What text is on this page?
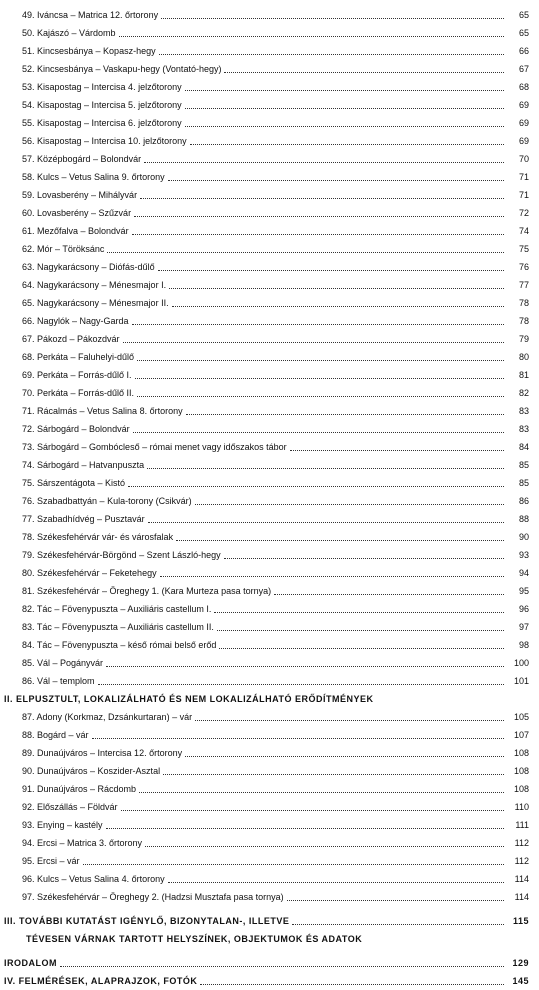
49. Iváncsa – Matrica 12. őrtorony	65
50. Kajászó – Várdomb	65
51. Kincsesbánya – Kopasz-hegy	66
52. Kincsesbánya – Vaskapu-hegy (Vontató-hegy)	67
53. Kisapostag – Intercisa 4. jelzőtorony	68
54. Kisapostag – Intercisa 5. jelzőtorony	69
55. Kisapostag – Intercisa 6. jelzőtorony	69
56. Kisapostag – Intercisa 10. jelzőtorony	69
57. Középbogárd – Bolondvár	70
58. Kulcs – Vetus Salina 9. őrtorony	71
59. Lovasberény – Mihályvár	71
60. Lovasberény – Szűzvár	72
61. Mezőfalva – Bolondvár	74
62. Mór – Töröksánc	75
63. Nagykarácsony – Diófás-dűlő	76
64. Nagykarácsony – Ménesmajor I.	77
65. Nagykarácsony – Ménesmajor II.	78
66. Nagylók – Nagy-Garda	78
67. Pákozd – Pákozdvár	79
68. Perkáta – Faluhelyi-dűlő	80
69. Perkáta – Forrás-dűlő I.	81
70. Perkáta – Forrás-dűlő II.	82
71. Rácalmás – Vetus Salina 8. őrtorony	83
72. Sárbogárd – Bolondvár	83
73. Sárbogárd – Gombócleső – római menet vagy időszakos tábor	84
74. Sárbogárd – Hatvanpuszta	85
75. Sárszentágota – Kistó	85
76. Szabadbattyán – Kula-torony (Csikvár)	86
77. Szabadhídvég – Pusztavár	88
78. Székesfehérvár vár- és városfalak	90
79. Székesfehérvár-Börgönd – Szent László-hegy	93
80. Székesfehérvár – Feketehegy	94
81. Székesfehérvár – Öreghegy 1. (Kara Murteza pasa tornya)	95
82. Tác – Fövenypuszta – Auxiliáris castellum I.	96
83. Tác – Fövenypuszta – Auxiliáris castellum II.	97
84. Tác – Fövenypuszta – késő római belső erőd	98
85. Vál – Pogányvár	100
86. Vál – templom	101
II. ELPUSZTULT, LOKALIZÁLHATÓ ÉS NEM LOKALIZÁLHATÓ ERŐDÍTMÉNYEK
87. Adony (Korkmaz, Dzsánkurtaran) – vár	105
88. Bogárd – vár	107
89. Dunaújváros – Intercisa 12. őrtorony	108
90. Dunaújváros – Koszider-Asztal	108
91. Dunaújváros – Rácdomb	108
92. Előszállás – Földvár	110
93. Enying – kastély	111
94. Ercsi – Matrica 3. őrtorony	112
95. Ercsi – vár	112
96. Kulcs – Vetus Salina 4. őrtorony	114
97. Székesfehérvár – Öreghegy 2. (Hadzsi Musztafa pasa tornya)	114
III. TOVÁBBI KUTATÁST IGÉNYLŐ, BIZONYTALAN-, ILLETVE	115
TÉVESEN VÁRNAK TARTOTT HELYSZÍNEK, OBJEKTUMOK ÉS ADATOK
IRODALOM	129
IV. FELMÉRÉSEK, ALAPRAJZOK, FOTÓK	145
